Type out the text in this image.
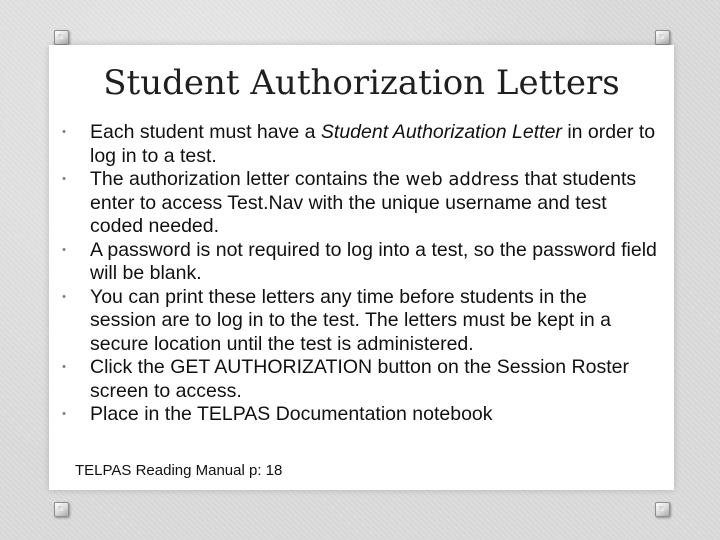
Student Authorization Letters
• Each student must have a Student Authorization Letter in order to log in to a test.
• The authorization letter contains the web address that students enter to access Test.Nav with the unique username and test coded needed.
• A password is not required to log into a test, so the password field will be blank.
• You can print these letters any time before students in the session are to log in to the test. The letters must be kept in a secure location until the test is administered.
• Click the GET AUTHORIZATION button on the Session Roster screen to access.
• Place in the TELPAS Documentation notebook
TELPAS Reading Manual p: 18
